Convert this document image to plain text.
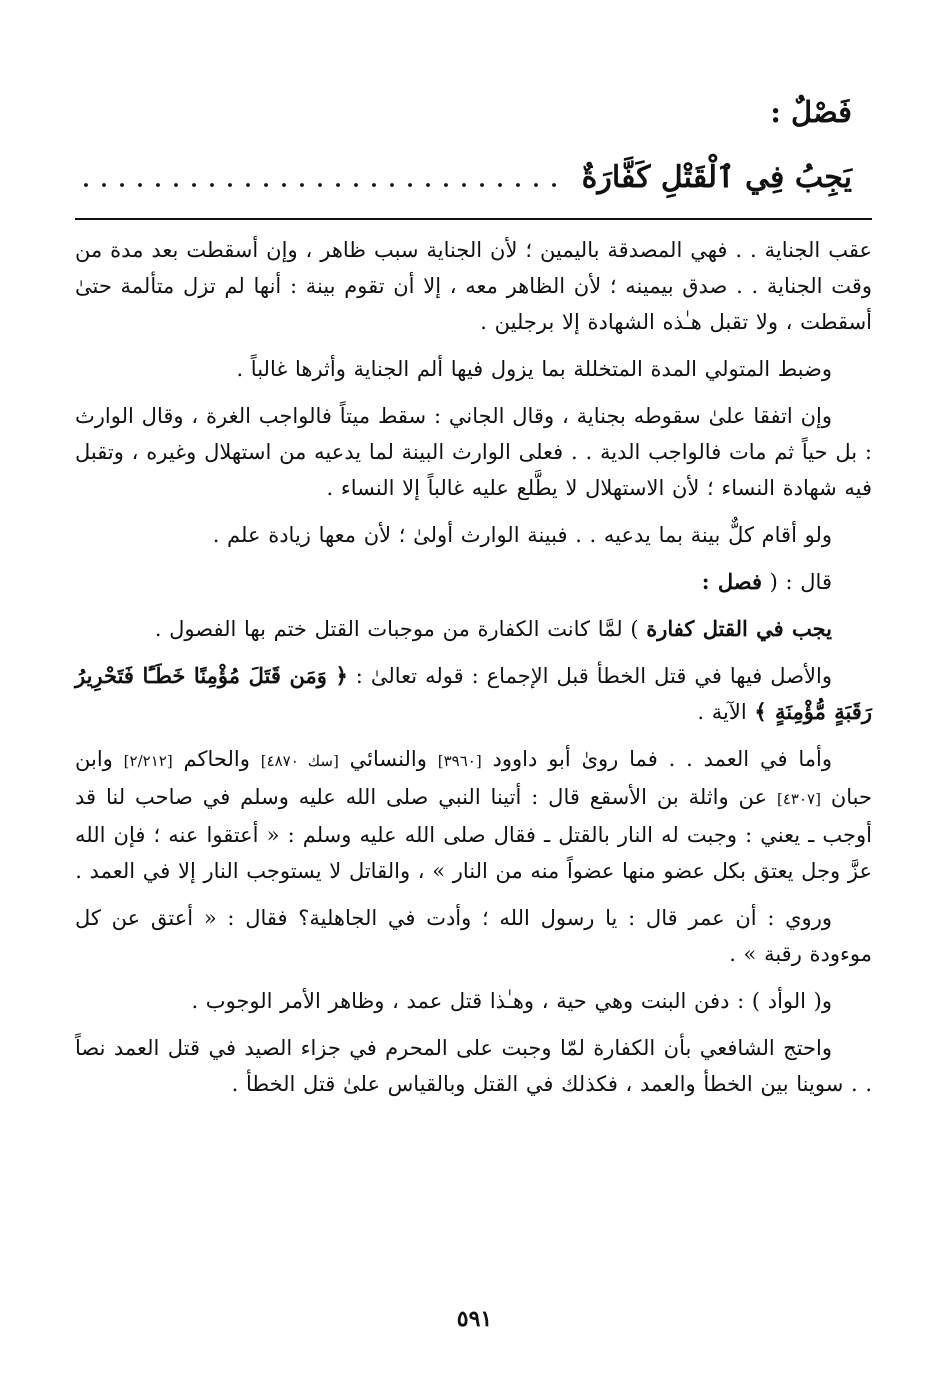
فَصْلٌ :
يَجِبُ فِي ٱلْقَتْلِ كَفَّارَةٌ

عقب الجناية . . فهي المصدقة باليمين ؛ لأن الجناية سبب ظاهر ، وإن أسقطت بعد مدة من وقت الجناية . . صدق بيمينه ؛ لأن الظاهر معه ، إلا أن تقوم بينة : أنها لم تزل متألمة حتىٰ أسقطت ، ولا تقبل هـٰذه الشهادة إلا برجلين .

وضبط المتولي المدة المتخللة بما يزول فيها ألم الجناية وأثرها غالباً .

وإن اتفقا علىٰ سقوطه بجناية ، وقال الجاني : سقط ميتاً فالواجب الغرة ، وقال الوارث : بل حياً ثم مات فالواجب الدية . . فعلى الوارث البينة لما يدعيه من استهلال وغيره ، وتقبل فيه شهادة النساء ؛ لأن الاستهلال لا يطَّلع عليه غالباً إلا النساء .

ولو أقام كلٌّ بينة بما يدعيه . . فبينة الوارث أولىٰ ؛ لأن معها زيادة علم .

قال : ( فصل :

يجب في القتل كفارة ) لمَّا كانت الكفارة من موجبات القتل ختم بها الفصول .

والأصل فيها في قتل الخطأ قبل الإجماع : قوله تعالىٰ : ﴿ وَمَن قَتَلَ مُؤْمِنًا خَطَـًٔا فَتَحْرِيرُ رَقَبَةٍ مُّؤْمِنَةٍ ﴾ الآية .

وأما في العمد . . فما روىٰ أبو داوود [٣٩٦٠] والنسائي [سك ٤٨٧٠] والحاكم [٢/٢١٢] وابن حبان [٤٣٠٧] عن واثلة بن الأسقع قال : أتينا النبي صلى الله عليه وسلم في صاحب لنا قد أوجب ـ يعني : وجبت له النار بالقتل ـ فقال صلى الله عليه وسلم : « أعتقوا عنه ؛ فإن الله عزَّ وجل يعتق بكل عضو منها عضواً منه من النار » ، والقاتل لا يستوجب النار إلا في العمد .

وروي : أن عمر قال : يا رسول الله ؛ وأدت في الجاهلية؟ فقال : « أعتق عن كل موءودة رقبة » .

و( الوأد ) : دفن البنت وهي حية ، وهـٰذا قتل عمد ، وظاهر الأمر الوجوب .

واحتج الشافعي بأن الكفارة لمّا وجبت على المحرم في جزاء الصيد في قتل العمد نصاً . . سوينا بين الخطأ والعمد ، فكذلك في القتل وبالقياس علىٰ قتل الخطأ .

٥٩١
